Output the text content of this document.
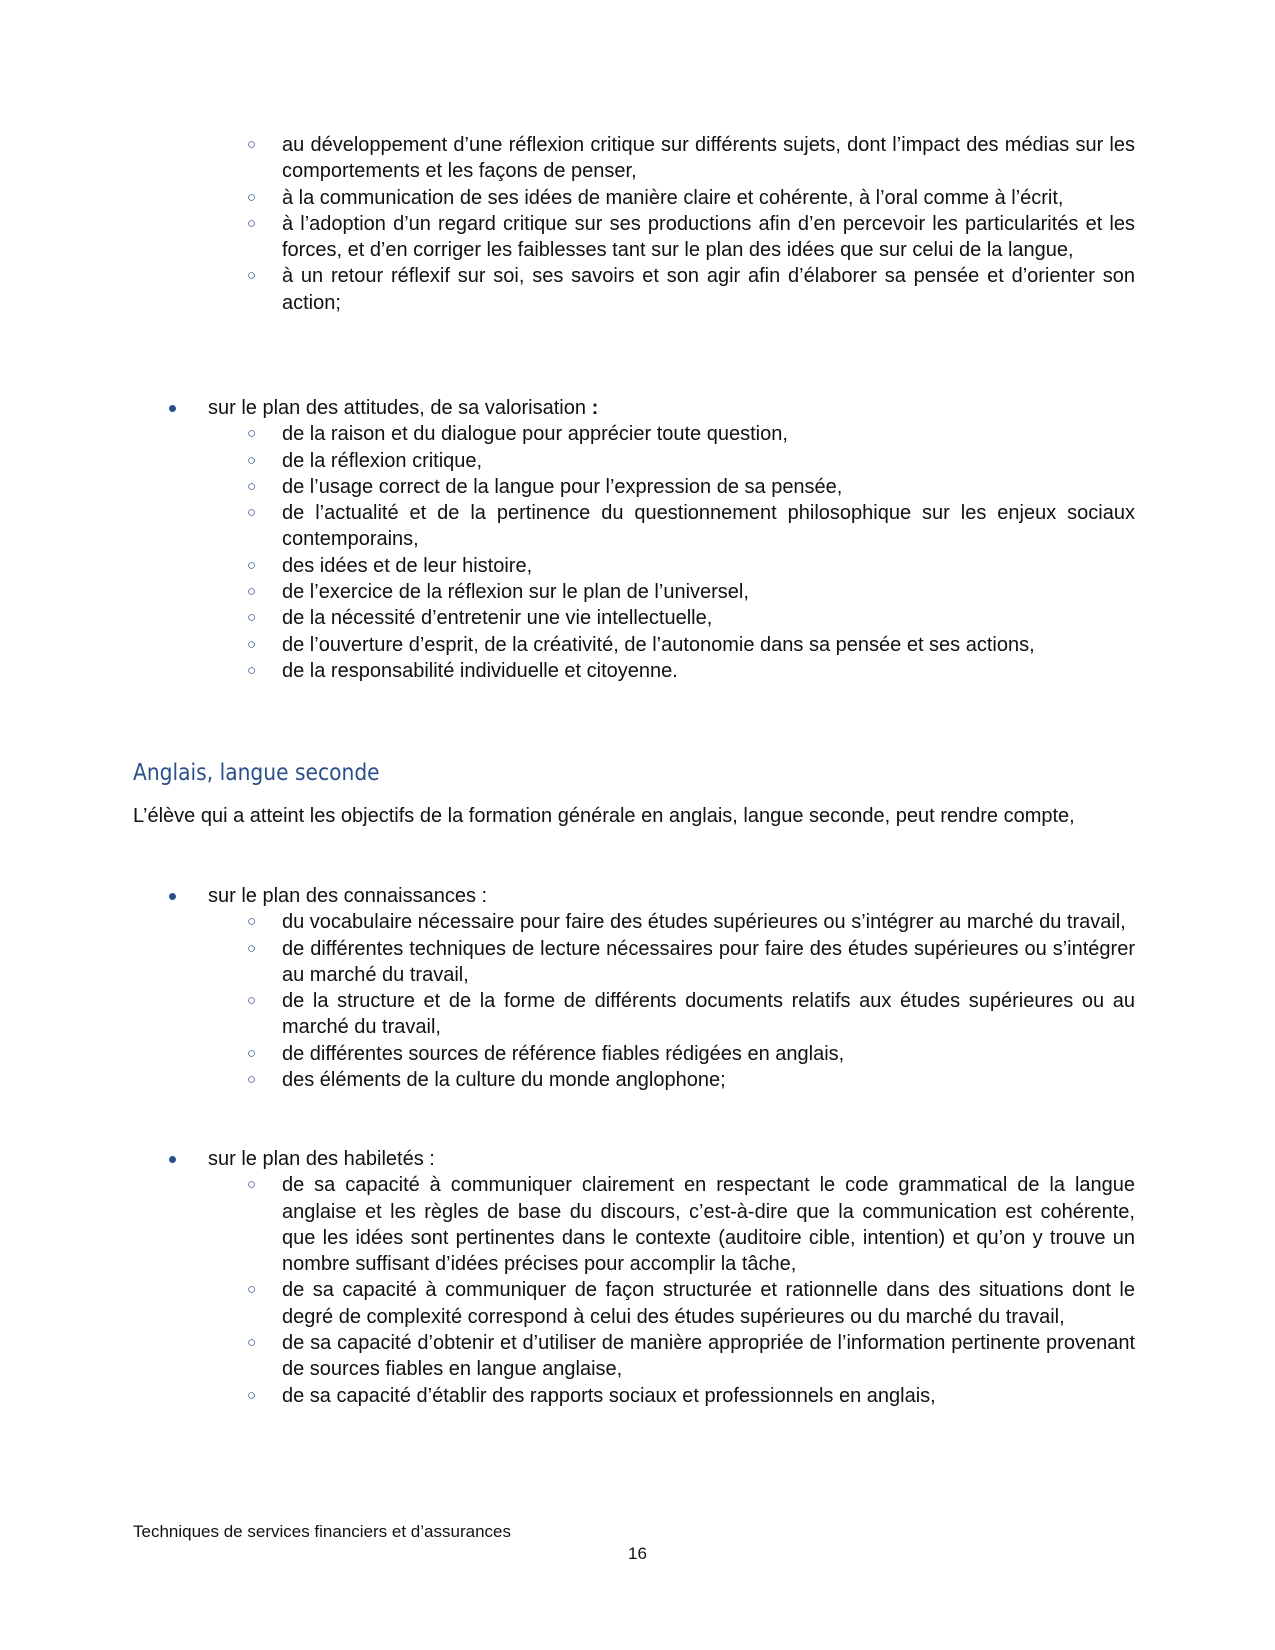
○ au développement d’une réflexion critique sur différents sujets, dont l’impact des médias sur les comportements et les façons de penser,
○ à la communication de ses idées de manière claire et cohérente, à l’oral comme à l’écrit,
○ à l’adoption d’un regard critique sur ses productions afin d’en percevoir les particularités et les forces, et d’en corriger les faiblesses tant sur le plan des idées que sur celui de la langue,
○ à un retour réflexif sur soi, ses savoirs et son agir afin d’élaborer sa pensée et d’orienter son action;
sur le plan des attitudes, de sa valorisation :
○ de la raison et du dialogue pour apprécier toute question,
○ de la réflexion critique,
○ de l’usage correct de la langue pour l’expression de sa pensée,
○ de l’actualité et de la pertinence du questionnement philosophique sur les enjeux sociaux contemporains,
○ des idées et de leur histoire,
○ de l’exercice de la réflexion sur le plan de l’universel,
○ de la nécessité d’entretenir une vie intellectuelle,
○ de l’ouverture d’esprit, de la créativité, de l’autonomie dans sa pensée et ses actions,
○ de la responsabilité individuelle et citoyenne.
Anglais, langue seconde
L’élève qui a atteint les objectifs de la formation générale en anglais, langue seconde, peut rendre compte,
sur le plan des connaissances :
○ du vocabulaire nécessaire pour faire des études supérieures ou s’intégrer au marché du travail,
○ de différentes techniques de lecture nécessaires pour faire des études supérieures ou s’intégrer au marché du travail,
○ de la structure et de la forme de différents documents relatifs aux études supérieures ou au marché du travail,
○ de différentes sources de référence fiables rédigées en anglais,
○ des éléments de la culture du monde anglophone;
sur le plan des habiletés :
○ de sa capacité à communiquer clairement en respectant le code grammatical de la langue anglaise et les règles de base du discours, c’est-à-dire que la communication est cohérente, que les idées sont pertinentes dans le contexte (auditoire cible, intention) et qu’on y trouve un nombre suffisant d’idées précises pour accomplir la tâche,
○ de sa capacité à communiquer de façon structurée et rationnelle dans des situations dont le degré de complexité correspond à celui des études supérieures ou du marché du travail,
○ de sa capacité d’obtenir et d’utiliser de manière appropriée de l’information pertinente provenant de sources fiables en langue anglaise,
○ de sa capacité d’établir des rapports sociaux et professionnels en anglais,
Techniques de services financiers et d’assurances
16
